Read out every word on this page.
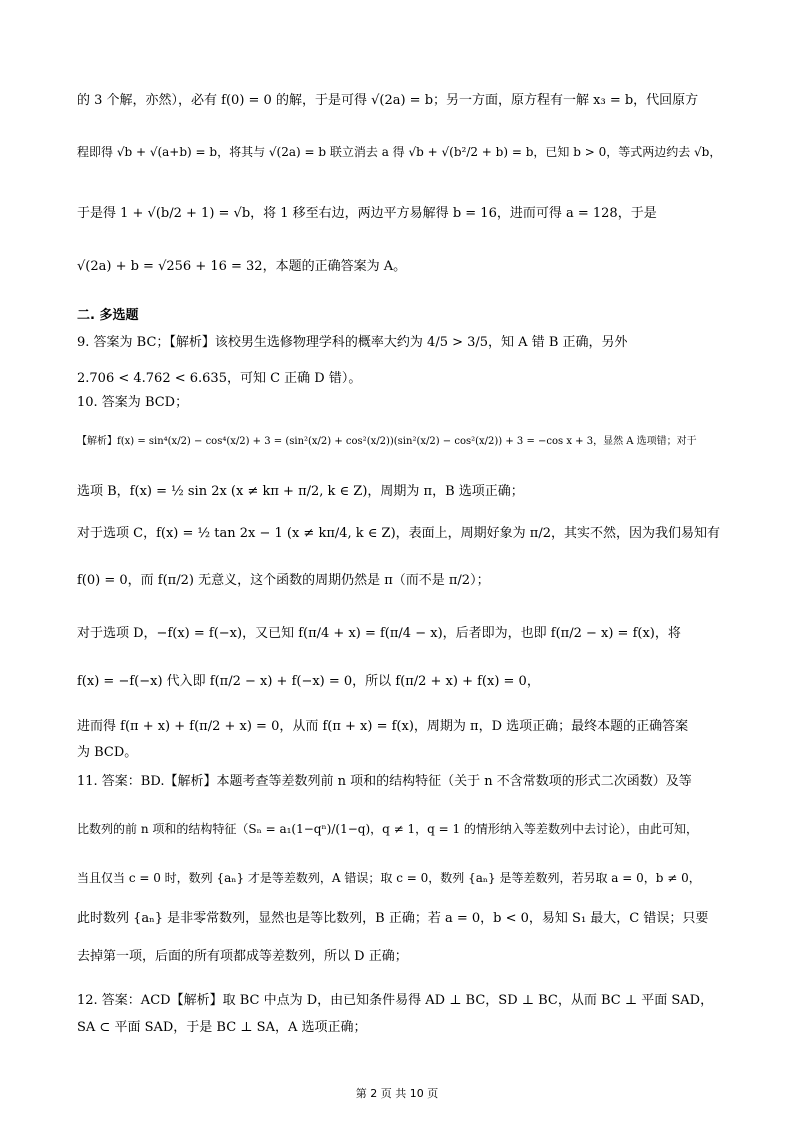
的 3 个解，亦然），必有 f(0) = 0 的解，于是可得 √(2a) = b；另一方面，原方程有一解 x₃ = b，代回原方
程即得 √b + √(a+b) = b，将其与 √(2a) = b 联立消去 a 得 √b + √(b²/2 + b) = b，已知 b > 0，等式两边约去 √b，
于是得 1 + √(b/2 + 1) = √b，将 1 移至右边，两边平方易解得 b = 16，进而可得 a = 128，于是
√(2a) + b = √256 + 16 = 32，本题的正确答案为 A。
二. 多选题
9. 答案为 BC；【解析】该校男生选修物理学科的概率大约为 4/5 > 3/5，知 A 错 B 正确，另外
2.706 < 4.762 < 6.635，可知 C 正确 D 错）。
10. 答案为 BCD；
【解析】f(x) = sin⁴(x/2) − cos⁴(x/2) + 3 = (sin²(x/2) + cos²(x/2))(sin²(x/2) − cos²(x/2)) + 3 = −cos x + 3，显然 A 选项错；对于
选项 B，f(x) = ½ sin 2x (x ≠ kπ + π/2, k ∈ Z)，周期为 π，B 选项正确；
对于选项 C，f(x) = ½ tan 2x − 1 (x ≠ kπ/4, k ∈ Z)，表面上，周期好象为 π/2，其实不然，因为我们易知有
f(0) = 0，而 f(π/2) 无意义，这个函数的周期仍然是 π（而不是 π/2）；
对于选项 D，−f(x) = f(−x)，又已知 f(π/4 + x) = f(π/4 − x)，后者即为，也即 f(π/2 − x) = f(x)，将
f(x) = −f(−x) 代入即 f(π/2 − x) + f(−x) = 0，所以 f(π/2 + x) + f(x) = 0，
进而得 f(π + x) + f(π/2 + x) = 0，从而 f(π + x) = f(x)，周期为 π，D 选项正确；最终本题的正确答案
为 BCD。
11. 答案：BD.【解析】本题考查等差数列前 n 项和的结构特征（关于 n 不含常数项的形式二次函数）及等
比数列的前 n 项和的结构特征（Sₙ = a₁(1−qⁿ)/(1−q)，q ≠ 1，q = 1 的情形纳入等差数列中去讨论），由此可知，
当且仅当 c = 0 时，数列 {aₙ} 才是等差数列，A 错误；取 c = 0，数列 {aₙ} 是等差数列，若另取 a = 0，b ≠ 0，
此时数列 {aₙ} 是非零常数列，显然也是等比数列，B 正确；若 a = 0，b < 0，易知 S₁ 最大，C 错误；只要
去掉第一项，后面的所有项都成等差数列，所以 D 正确；
12. 答案：ACD【解析】取 BC 中点为 D，由已知条件易得 AD ⊥ BC，SD ⊥ BC，从而 BC ⊥ 平面 SAD，
SA ⊂ 平面 SAD，于是 BC ⊥ SA，A 选项正确；
第 2 页 共 10 页
